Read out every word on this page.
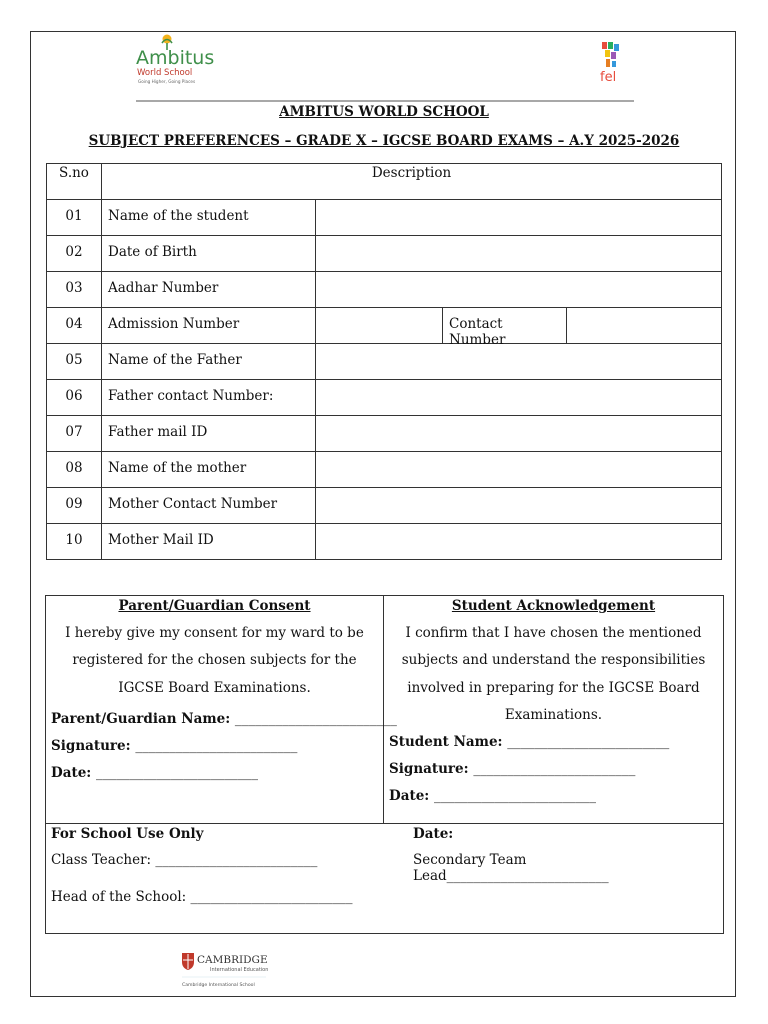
Ambitus
World School
Going Higher, Going Places	fel
AMBITUS WORLD SCHOOL
SUBJECT PREFERENCES – GRADE X – IGCSE BOARD EXAMS – A.Y 2025-2026
S.no	Description		
01	Name of the student		
02	Date of Birth		
03	Aadhar Number		
04	Admission Number		Contact Number

05	Name of the Father		
06	Father contact Number:		
07	Father mail ID		
08	Name of the mother		
09	Mother Contact Number		
10	Mother Mail ID		
Parent/Guardian Consent
I hereby give my consent for my ward to be registered for the chosen subjects for the IGCSE Board Examinations.
Parent/Guardian Name: ________________________
Signature: ________________________
Date: ________________________
Student Acknowledgement
I confirm that I have chosen the mentioned subjects and understand the responsibilities involved in preparing for the IGCSE Board Examinations.
Student Name: ________________________
Signature: ________________________
Date: ________________________
For School Use Only	Date:
Class Teacher: ________________________	Secondary Team Lead________________________
Head of the School: ________________________
CAMBRIDGE
International Education
Cambridge International School
